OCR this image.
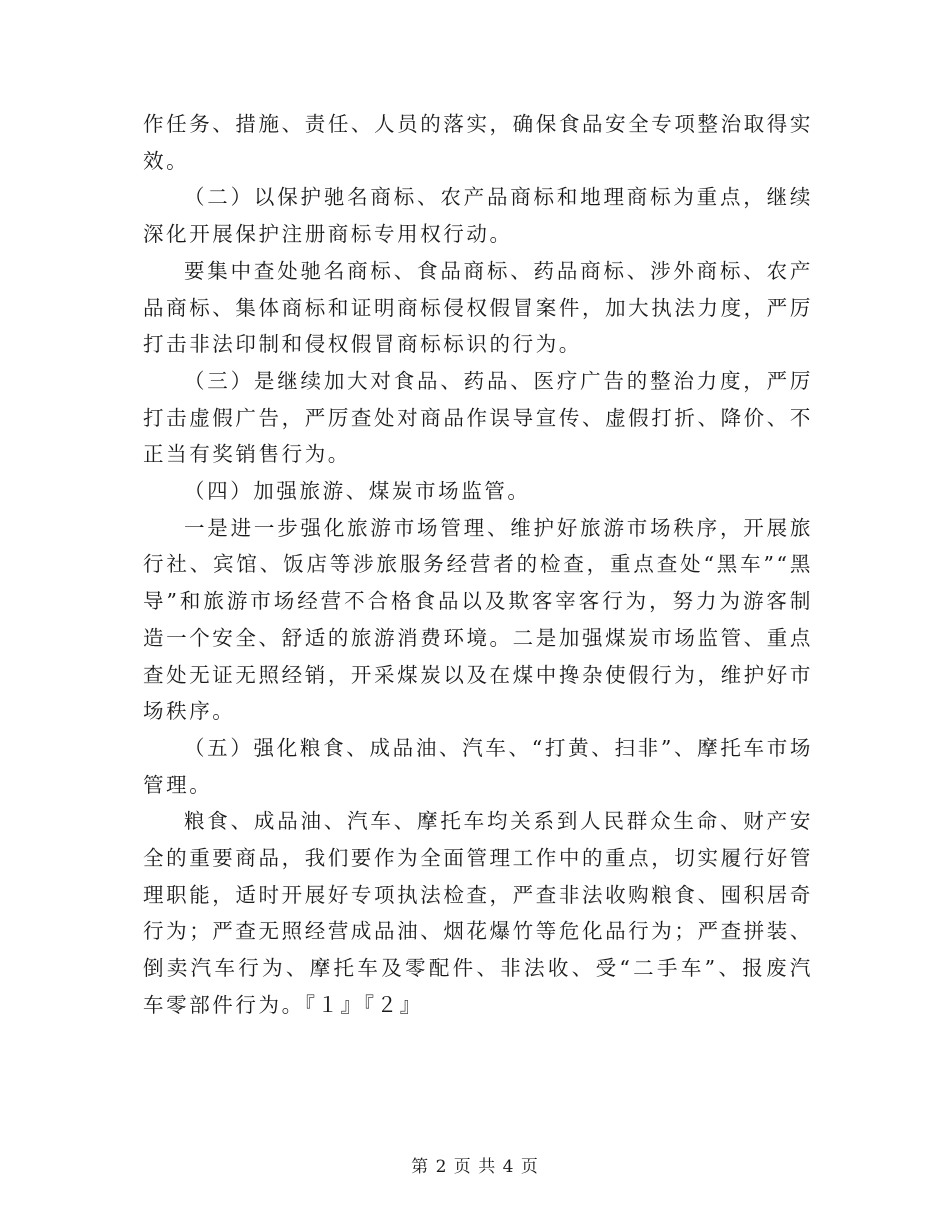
作任务、措施、责任、人员的落实，确保食品安全专项整治取得实效。

（二）以保护驰名商标、农产品商标和地理商标为重点，继续深化开展保护注册商标专用权行动。

要集中查处驰名商标、食品商标、药品商标、涉外商标、农产品商标、集体商标和证明商标侵权假冒案件，加大执法力度，严厉打击非法印制和侵权假冒商标标识的行为。

（三）是继续加大对食品、药品、医疗广告的整治力度，严厉打击虚假广告，严厉查处对商品作误导宣传、虚假打折、降价、不正当有奖销售行为。

（四）加强旅游、煤炭市场监管。

一是进一步强化旅游市场管理、维护好旅游市场秩序，开展旅行社、宾馆、饭店等涉旅服务经营者的检查，重点查处“黑车”“黑导”和旅游市场经营不合格食品以及欺客宰客行为，努力为游客制造一个安全、舒适的旅游消费环境。二是加强煤炭市场监管、重点查处无证无照经销，开采煤炭以及在煤中搀杂使假行为，维护好市场秩序。

（五）强化粮食、成品油、汽车、“打黄、扫非”、摩托车市场管理。

粮食、成品油、汽车、摩托车均关系到人民群众生命、财产安全的重要商品，我们要作为全面管理工作中的重点，切实履行好管理职能，适时开展好专项执法检查，严查非法收购粮食、囤积居奇行为；严查无照经营成品油、烟花爆竹等危化品行为；严查拼装、倒卖汽车行为、摩托车及零配件、非法收、受“二手车”、报废汽车零部件行为。『１』『２』

第 2 页 共 4 页
